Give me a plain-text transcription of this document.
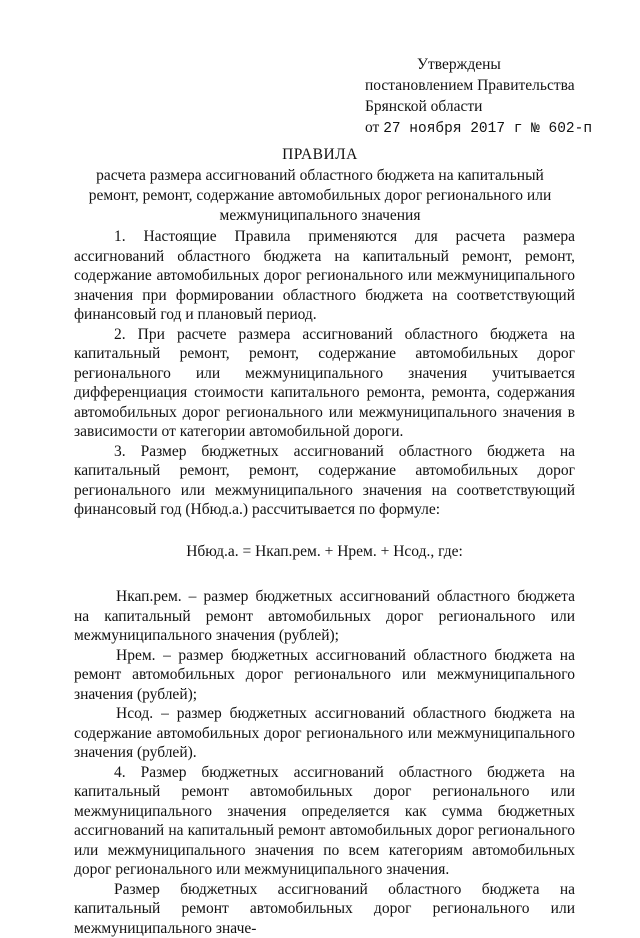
Утверждены
постановлением Правительства
Брянской области
от 27 ноября 2017 г № 602-п
ПРАВИЛА
расчета размера ассигнований областного бюджета на капитальный
ремонт, ремонт, содержание автомобильных дорог регионального или
межмуниципального значения

1. Настоящие Правила применяются для расчета размера ассигнований областного бюджета на капитальный ремонт, ремонт, содержание автомобильных дорог регионального или межмуниципального значения при формировании областного бюджета на соответствующий финансовый год и плановый период.

2. При расчете размера ассигнований областного бюджета на капитальный ремонт, ремонт, содержание автомобильных дорог регионального или межмуниципального значения учитывается дифференциация стоимости капитального ремонта, ремонта, содержания автомобильных дорог регионального или межмуниципального значения в зависимости от категории автомобильной дороги.

3. Размер бюджетных ассигнований областного бюджета на капитальный ремонт, ремонт, содержание автомобильных дорог регионального или межмуниципального значения на соответствующий финансовый год (Нбюд.а.) рассчитывается по формуле:

Нбюд.а. = Нкап.рем. + Нрем. + Нсод., где:

Нкап.рем. – размер бюджетных ассигнований областного бюджета на капитальный ремонт автомобильных дорог регионального или межмуниципального значения (рублей);

Нрем. – размер бюджетных ассигнований областного бюджета на ремонт автомобильных дорог регионального или межмуниципального значения (рублей);

Нсод. – размер бюджетных ассигнований областного бюджета на содержание автомобильных дорог регионального или межмуниципального значения (рублей).

4. Размер бюджетных ассигнований областного бюджета на капитальный ремонт автомобильных дорог регионального или межмуниципального значения определяется как сумма бюджетных ассигнований на капитальный ремонт автомобильных дорог регионального или межмуниципального значения по всем категориям автомобильных дорог регионального или межмуниципального значения.

Размер бюджетных ассигнований областного бюджета на капитальный ремонт автомобильных дорог регионального или межмуниципального значе-
